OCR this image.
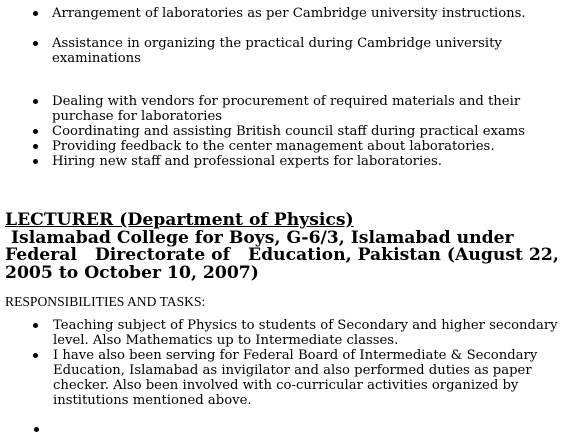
Arrangement of laboratories as per Cambridge university instructions.
Assistance in organizing the practical during Cambridge university examinations
Dealing with vendors for procurement of required materials and their purchase for laboratories
Coordinating and assisting British council staff during practical exams
Providing feedback to the center management about laboratories.
Hiring new staff and professional experts for laboratories.
LECTURER (Department of Physics)
Islamabad College for Boys, G-6/3, Islamabad under Federal   Directorate of   Education, Pakistan (August 22, 2005 to October 10, 2007)
RESPONSIBILITIES AND TASKS:
Teaching subject of Physics to students of Secondary and higher secondary level. Also Mathematics up to Intermediate classes.
I have also been serving for Federal Board of Intermediate & Secondary Education, Islamabad as invigilator and also performed duties as paper checker. Also been involved with co-curricular activities organized by institutions mentioned above.
